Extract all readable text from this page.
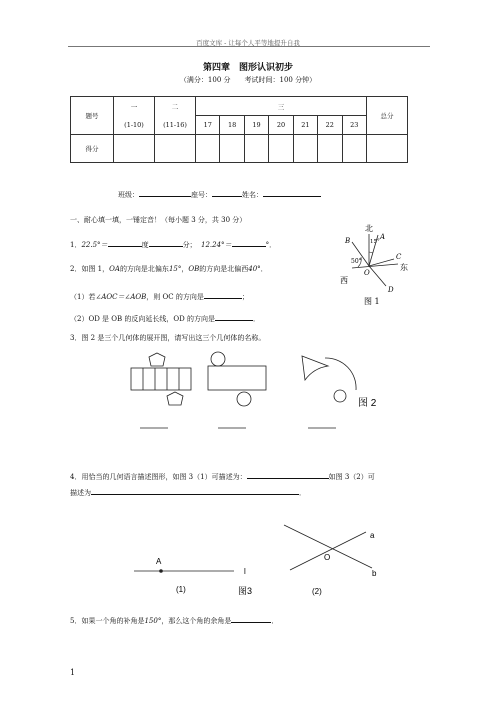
百度文库 - 让每个人平等地提升自我
第四章　图形认识初步
（满分：100 分　　考试时间：100 分钟）
题号	一	二	三							总分
	(1-10)	(11-16)	17	18	19	20	21	22	23	
得分										
班级：	座号：	姓名：
一、耐心填一填，一锤定音！（每小题 3 分，共 30 分）
1．22.5°＝	度	分； 12.24°＝	°．
2．如图 1，OA的方向是北偏东15°，OB的方向是北偏西40°．
（1）若∠AOC＝∠AOB，则 OC 的方向是	；
（2）OD 是 OB 的反向延长线，OD 的方向是	．
北
东
西
15°
50°
A
B
C
D
O
图 1
3．图 2 是三个几何体的展开图，请写出这三个几何体的名称。
图 2
4．用恰当的几何语言描述图形，如图 3（1）可描述为：	如图 3（2）可
描述为	．
A
l
a
b
O
(1)	图3	(2)
5．如果一个角的补角是150°，那么这个角的余角是	．
1
